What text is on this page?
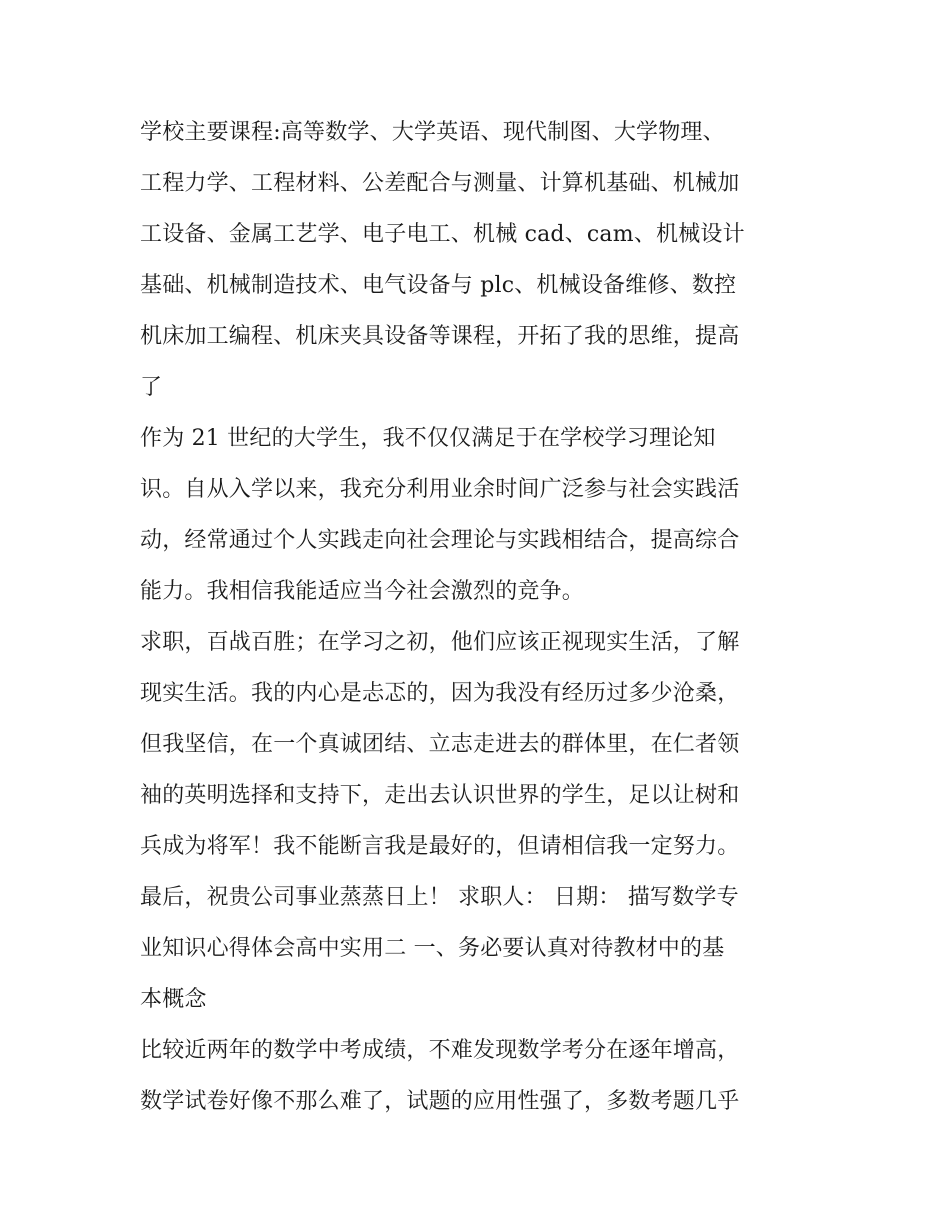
学校主要课程:高等数学、大学英语、现代制图、大学物理、
工程力学、工程材料、公差配合与测量、计算机基础、机械加
工设备、金属工艺学、电子电工、机械 cad、cam、机械设计
基础、机械制造技术、电气设备与 plc、机械设备维修、数控
机床加工编程、机床夹具设备等课程，开拓了我的思维，提高
了
作为 21 世纪的大学生，我不仅仅满足于在学校学习理论知
识。自从入学以来，我充分利用业余时间广泛参与社会实践活
动，经常通过个人实践走向社会理论与实践相结合，提高综合
能力。我相信我能适应当今社会激烈的竞争。
求职，百战百胜；在学习之初，他们应该正视现实生活，了解
现实生活。我的内心是忐忑的，因为我没有经历过多少沧桑，
但我坚信，在一个真诚团结、立志走进去的群体里，在仁者领
袖的英明选择和支持下，走出去认识世界的学生，足以让树和
兵成为将军！我不能断言我是最好的，但请相信我一定努力。
最后，祝贵公司事业蒸蒸日上！ 求职人： 日期： 描写数学专
业知识心得体会高中实用二 一、务必要认真对待教材中的基
本概念
比较近两年的数学中考成绩，不难发现数学考分在逐年增高，
数学试卷好像不那么难了，试题的应用性强了，多数考题几乎
